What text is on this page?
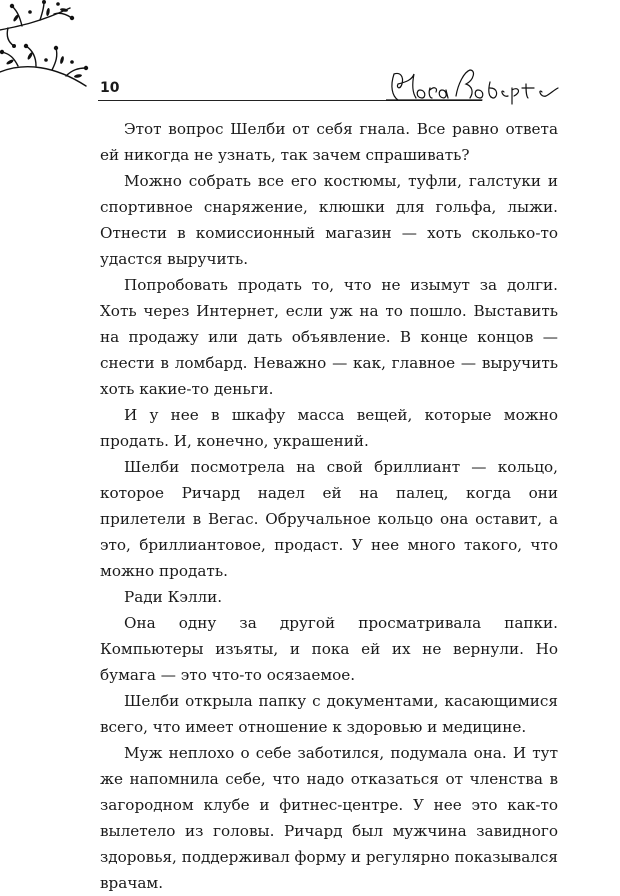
10

Этот вопрос Шелби от себя гнала. Все равно ответа ей никогда не узнать, так зачем спрашивать?

Можно собрать все его костюмы, туфли, галстуки и спортивное снаряжение, клюшки для гольфа, лыжи. Отнести в комиссионный магазин — хоть сколько-то удастся выручить.

Попробовать продать то, что не изымут за долги. Хоть через Интернет, если уж на то пошло. Выставить на продажу или дать объявление. В конце концов — снести в ломбард. Неважно — как, главное — выручить хоть какие-то деньги.

И у нее в шкафу масса вещей, которые можно продать. И, конечно, украшений.

Шелби посмотрела на свой бриллиант — кольцо, которое Ричард надел ей на палец, когда они прилетели в Вегас. Обручальное кольцо она оставит, а это, бриллиантовое, продаст. У нее много такого, что можно продать.

Ради Кэлли.

Она одну за другой просматривала папки. Компьютеры изъяты, и пока ей их не вернули. Но бумага — это что-то осязаемое.

Шелби открыла папку с документами, касающимися всего, что имеет отношение к здоровью и медицине.

Муж неплохо о себе заботился, подумала она. И тут же напомнила себе, что надо отказаться от членства в загородном клубе и фитнес-центре. У нее это как-то вылетело из головы. Ричард был мужчина завидного здоровья, поддерживал форму и регулярно показывался врачам.
